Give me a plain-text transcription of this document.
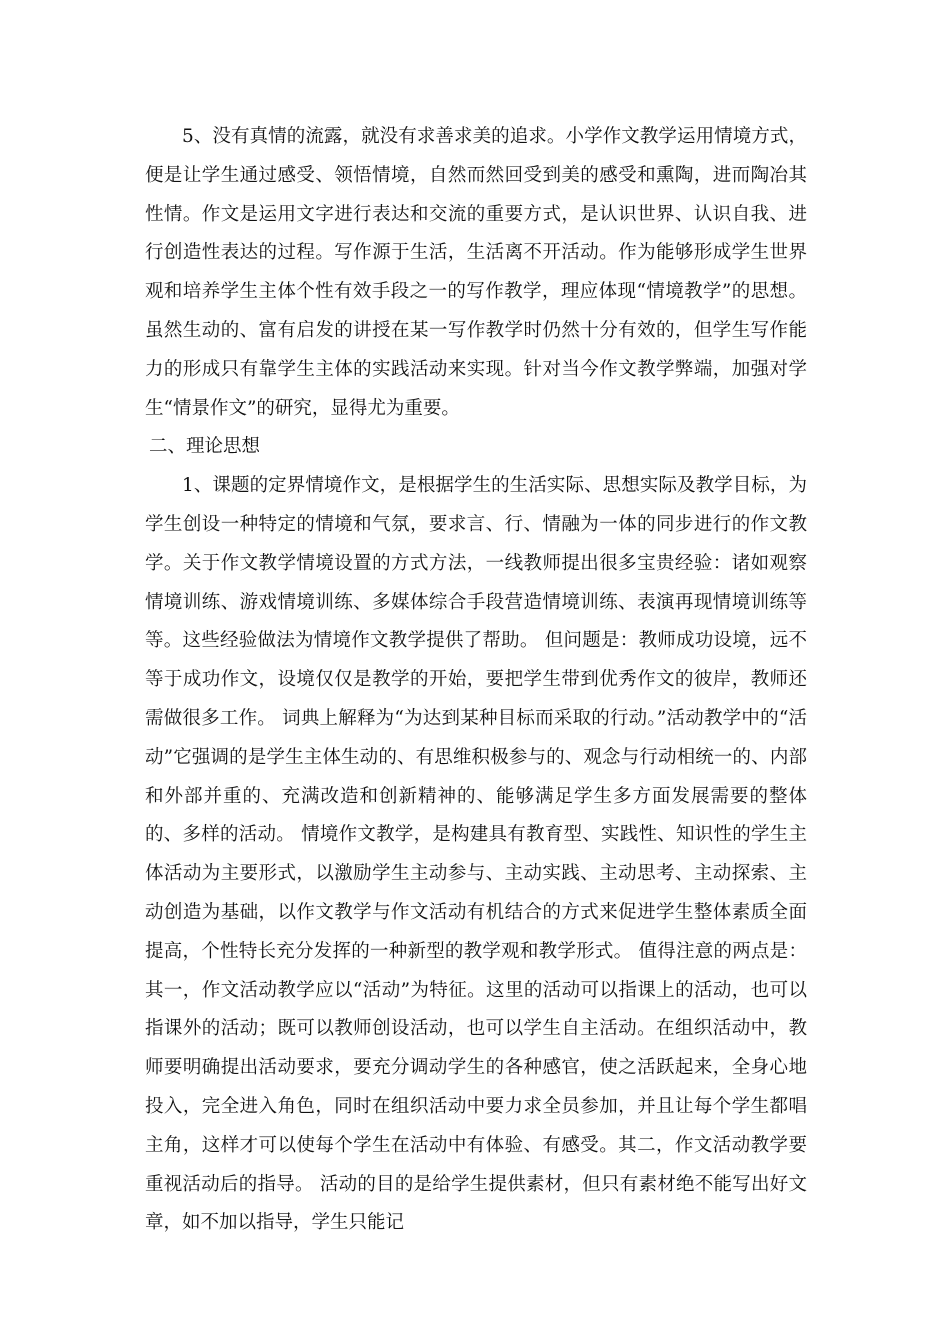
5、没有真情的流露，就没有求善求美的追求。小学作文教学运用情境方式，便是让学生通过感受、领悟情境，自然而然回受到美的感受和熏陶，进而陶冶其性情。作文是运用文字进行表达和交流的重要方式，是认识世界、认识自我、进行创造性表达的过程。写作源于生活，生活离不开活动。作为能够形成学生世界观和培养学生主体个性有效手段之一的写作教学，理应体现“情境教学”的思想。虽然生动的、富有启发的讲授在某一写作教学时仍然十分有效的，但学生写作能力的形成只有靠学生主体的实践活动来实现。针对当今作文教学弊端，加强对学生“情景作文”的研究，显得尤为重要。

二、理论思想

1、课题的定界情境作文，是根据学生的生活实际、思想实际及教学目标，为学生创设一种特定的情境和气氛，要求言、行、情融为一体的同步进行的作文教学。关于作文教学情境设置的方式方法，一线教师提出很多宝贵经验：诸如观察情境训练、游戏情境训练、多媒体综合手段营造情境训练、表演再现情境训练等等。这些经验做法为情境作文教学提供了帮助。 但问题是：教师成功设境，远不等于成功作文，设境仅仅是教学的开始，要把学生带到优秀作文的彼岸，教师还需做很多工作。 词典上解释为“为达到某种目标而采取的行动。”活动教学中的“活动”它强调的是学生主体生动的、有思维积极参与的、观念与行动相统一的、内部和外部并重的、充满改造和创新精神的、能够满足学生多方面发展需要的整体的、多样的活动。 情境作文教学，是构建具有教育型、实践性、知识性的学生主体活动为主要形式，以激励学生主动参与、主动实践、主动思考、主动探索、主动创造为基础，以作文教学与作文活动有机结合的方式来促进学生整体素质全面提高，个性特长充分发挥的一种新型的教学观和教学形式。 值得注意的两点是：其一，作文活动教学应以“活动”为特征。这里的活动可以指课上的活动，也可以指课外的活动；既可以教师创设活动，也可以学生自主活动。在组织活动中，教师要明确提出活动要求，要充分调动学生的各种感官，使之活跃起来，全身心地投入，完全进入角色，同时在组织活动中要力求全员参加，并且让每个学生都唱主角，这样才可以使每个学生在活动中有体验、有感受。其二，作文活动教学要重视活动后的指导。 活动的目的是给学生提供素材，但只有素材绝不能写出好文章，如不加以指导，学生只能记
